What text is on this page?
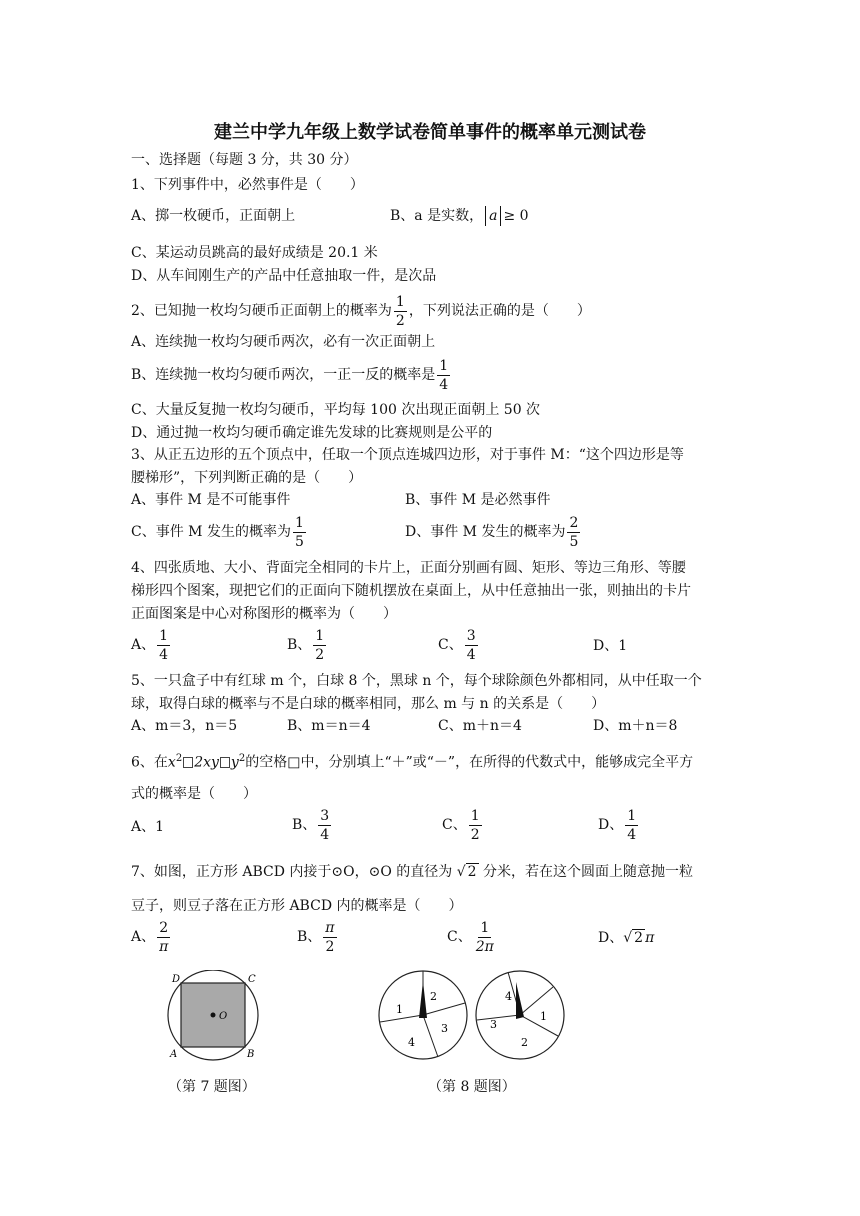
建兰中学九年级上数学试卷简单事件的概率单元测试卷
一、选择题（每题 3 分，共 30 分）
1、下列事件中，必然事件是（　　）
A、掷一枚硬币，正面朝上	B、a 是实数， a ≥ 0
C、某运动员跳高的最好成绩是 20.1 米
D、从车间刚生产的产品中任意抽取一件，是次品
2、已知抛一枚均匀硬币正面朝上的概率为 $\frac{1}{2}$ ，下列说法正确的是（　　）
A、连续抛一枚均匀硬币两次，必有一次正面朝上
B、连续抛一枚均匀硬币两次，一正一反的概率是 $\frac{1}{4}$
C、大量反复抛一枚均匀硬币，平均每 100 次出现正面朝上 50 次
D、通过抛一枚均匀硬币确定谁先发球的比赛规则是公平的
3、从正五边形的五个顶点中，任取一个顶点连城四边形，对于事件 M：“这个四边形是等
腰梯形”，下列判断正确的是（　　）
A、事件 M 是不可能事件	B、事件 M 是必然事件
C、事件 M 发生的概率为 $\frac{1}{5}$	D、事件 M 发生的概率为 $\frac{2}{5}$
4、四张质地、大小、背面完全相同的卡片上，正面分别画有圆、矩形、等边三角形、等腰
梯形四个图案，现把它们的正面向下随机摆放在桌面上，从中任意抽出一张，则抽出的卡片
正面图案是中心对称图形的概率为（　　）
A、 $\frac{1}{4}$	B、 $\frac{1}{2}$	C、 $\frac{3}{4}$	D、1
5、一只盒子中有红球 m 个，白球 8 个，黑球 n 个，每个球除颜色外都相同，从中任取一个
球，取得白球的概率与不是白球的概率相同，那么 m 与 n 的关系是（　　）
A、m＝3，n＝5	B、m＝n＝4	C、m＋n＝4	D、m＋n＝8
6、在$x^2$ 2xy $y^2$的空格□中，分别填上“＋”或“－”，在所得的代数式中，能够成完全平方
式的概率是（　　）
A、1	B、 $\frac{3}{4}$	C、 $\frac{1}{2}$	D、 $\frac{1}{4}$
7、如图，正方形 ABCD 内接于⊙O，⊙O 的直径为 √ 2 分米，若在这个圆面上随意抛一粒
豆子，则豆子落在正方形 ABCD 内的概率是（　　）
A、 $\frac{2}{\pi}$	B、 $\frac{\pi}{2}$	C、 $\frac{1}{2\pi}$	D、√ 2 π
O
D	C
A	B
（第 7 题图）
1
2
3
4
4
1
2
3
（第 8 题图）
